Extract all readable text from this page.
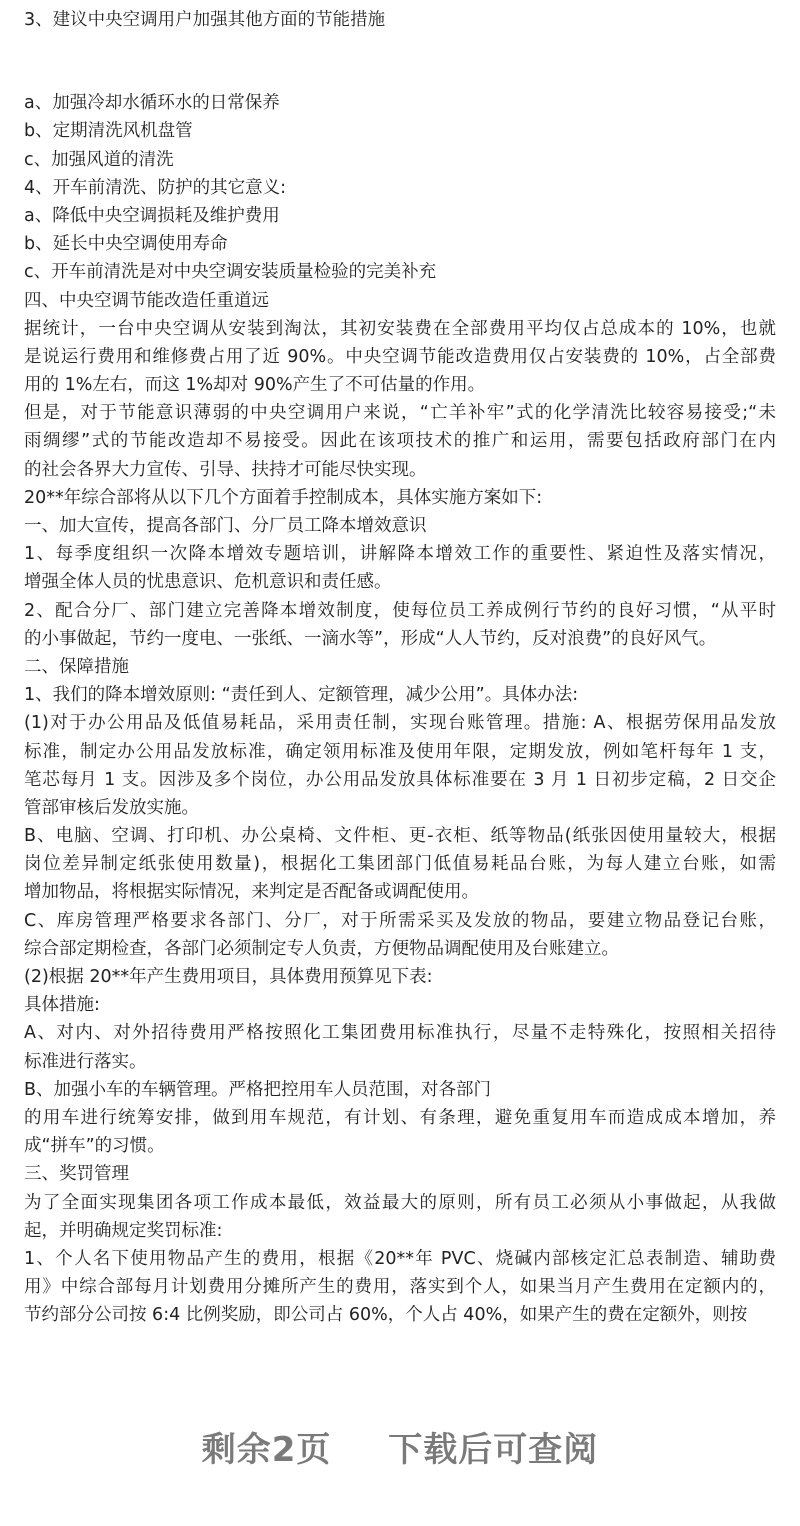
3、建议中央空调用户加强其他方面的节能措施
a、加强冷却水循环水的日常保养
b、定期清洗风机盘管
c、加强风道的清洗
4、开车前清洗、防护的其它意义:
a、降低中央空调损耗及维护费用
b、延长中央空调使用寿命
c、开车前清洗是对中央空调安装质量检验的完美补充
四、中央空调节能改造任重道远
据统计，一台中央空调从安装到淘汰，其初安装费在全部费用平均仅占总成本的 10%，也就
是说运行费用和维修费占用了近 90%。中央空调节能改造费用仅占安装费的 10%，占全部费
用的 1%左右，而这 1%却对 90%产生了不可估量的作用。
但是，对于节能意识薄弱的中央空调用户来说，“亡羊补牢”式的化学清洗比较容易接受;“未
雨绸缪”式的节能改造却不易接受。因此在该项技术的推广和运用，需要包括政府部门在内
的社会各界大力宣传、引导、扶持才可能尽快实现。
20**年综合部将从以下几个方面着手控制成本，具体实施方案如下:
一、加大宣传，提高各部门、分厂员工降本增效意识
1、每季度组织一次降本增效专题培训，讲解降本增效工作的重要性、紧迫性及落实情况，
增强全体人员的忧患意识、危机意识和责任感。
2、配合分厂、部门建立完善降本增效制度，使每位员工养成例行节约的良好习惯，“从平时
的小事做起，节约一度电、一张纸、一滴水等”，形成“人人节约，反对浪费”的良好风气。
二、保障措施
1、我们的降本增效原则: “责任到人、定额管理，减少公用”。具体办法:
(1)对于办公用品及低值易耗品，采用责任制，实现台账管理。措施: A、根据劳保用品发放
标准，制定办公用品发放标准，确定领用标准及使用年限，定期发放，例如笔杆每年 1 支，
笔芯每月 1 支。因涉及多个岗位，办公用品发放具体标准要在 3 月 1 日初步定稿，2 日交企
管部审核后发放实施。
B、电脑、空调、打印机、办公桌椅、文件柜、更-衣柜、纸等物品(纸张因使用量较大，根据
岗位差异制定纸张使用数量)，根据化工集团部门低值易耗品台账，为每人建立台账，如需
增加物品，将根据实际情况，来判定是否配备或调配使用。
C、库房管理严格要求各部门、分厂，对于所需采买及发放的物品，要建立物品登记台账，
综合部定期检查，各部门必须制定专人负责，方便物品调配使用及台账建立。
(2)根据 20**年产生费用项目，具体费用预算见下表:
具体措施:
A、对内、对外招待费用严格按照化工集团费用标准执行，尽量不走特殊化，按照相关招待
标准进行落实。
B、加强小车的车辆管理。严格把控用车人员范围，对各部门
的用车进行统筹安排，做到用车规范，有计划、有条理，避免重复用车而造成成本增加，养
成“拼车”的习惯。
三、奖罚管理
为了全面实现集团各项工作成本最低，效益最大的原则，所有员工必须从小事做起，从我做
起，并明确规定奖罚标准:
1、个人名下使用物品产生的费用，根据《20**年 PVC、烧碱内部核定汇总表制造、辅助费
用》中综合部每月计划费用分摊所产生的费用，落实到个人，如果当月产生费用在定额内的，
节约部分公司按 6:4 比例奖励，即公司占 60%，个人占 40%，如果产生的费在定额外，则按
剩余2页 下载后可查阅
